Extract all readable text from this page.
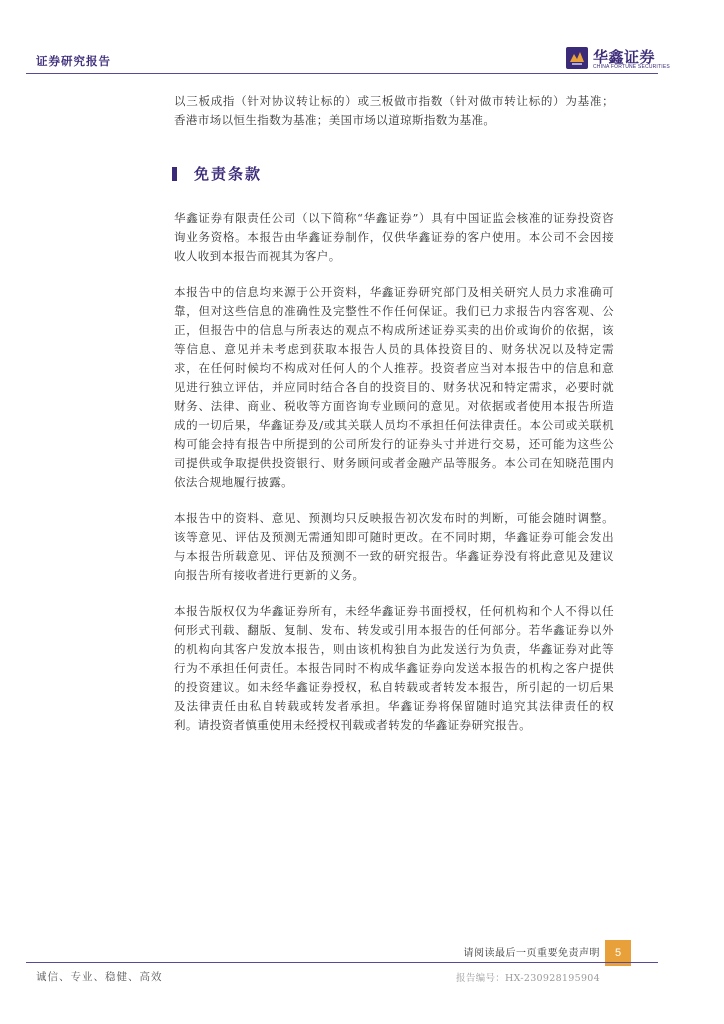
证券研究报告	华鑫证券
CHINA FORTUNE SECURITIES
以三板成指（针对协议转让标的）或三板做市指数（针对做市转让标的）为基准；香港市场以恒生指数为基准；美国市场以道琼斯指数为基准。
免责条款

华鑫证券有限责任公司（以下简称“华鑫证券”）具有中国证监会核准的证券投资咨询业务资格。本报告由华鑫证券制作，仅供华鑫证券的客户使用。本公司不会因接收人收到本报告而视其为客户。

本报告中的信息均来源于公开资料，华鑫证券研究部门及相关研究人员力求准确可靠，但对这些信息的准确性及完整性不作任何保证。我们已力求报告内容客观、公正，但报告中的信息与所表达的观点不构成所述证券买卖的出价或询价的依据，该等信息、意见并未考虑到获取本报告人员的具体投资目的、财务状况以及特定需求，在任何时候均不构成对任何人的个人推荐。投资者应当对本报告中的信息和意见进行独立评估，并应同时结合各自的投资目的、财务状况和特定需求，必要时就财务、法律、商业、税收等方面咨询专业顾问的意见。对依据或者使用本报告所造成的一切后果，华鑫证券及/或其关联人员均不承担任何法律责任。本公司或关联机构可能会持有报告中所提到的公司所发行的证券头寸并进行交易，还可能为这些公司提供或争取提供投资银行、财务顾问或者金融产品等服务。本公司在知晓范围内依法合规地履行披露。

本报告中的资料、意见、预测均只反映报告初次发布时的判断，可能会随时调整。该等意见、评估及预测无需通知即可随时更改。在不同时期，华鑫证券可能会发出与本报告所载意见、评估及预测不一致的研究报告。华鑫证券没有将此意见及建议向报告所有接收者进行更新的义务。

本报告版权仅为华鑫证券所有，未经华鑫证券书面授权，任何机构和个人不得以任何形式刊载、翻版、复制、发布、转发或引用本报告的任何部分。若华鑫证券以外的机构向其客户发放本报告，则由该机构独自为此发送行为负责，华鑫证券对此等行为不承担任何责任。本报告同时不构成华鑫证券向发送本报告的机构之客户提供的投资建议。如未经华鑫证券授权，私自转载或者转发本报告，所引起的一切后果及法律责任由私自转载或转发者承担。华鑫证券将保留随时追究其法律责任的权利。请投资者慎重使用未经授权刊载或者转发的华鑫证券研究报告。

请阅读最后一页重要免责声明	5
诚信、专业、稳健、高效	报告编号：HX-230928195904
